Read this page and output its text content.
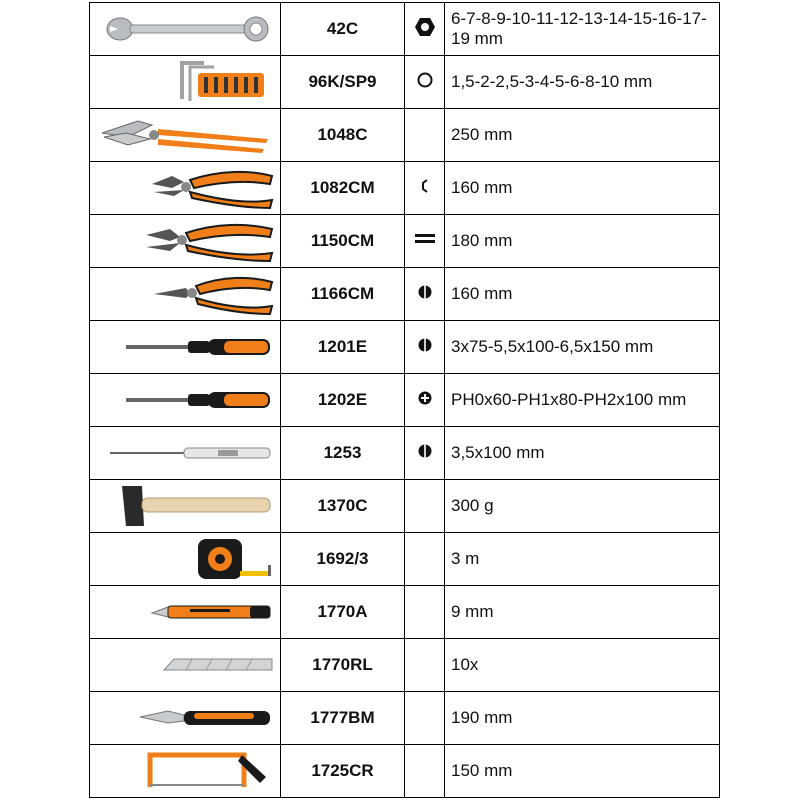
	42C		6-7-8-9-10-11-12-13-14-15-16-17-19 mm

	96K/SP9		1,5-2-2,5-3-4-5-6-8-10 mm

	1048C		250 mm

	1082CM		160 mm

	1150CM		180 mm

	1166CM		160 mm

	1201E		3x75-5,5x100-6,5x150 mm

	1202E		PH0x60-PH1x80-PH2x100 mm

	1253		3,5x100 mm

	1370C		300 g

	1692/3		3 m

	1770A		9 mm

	1770RL		10x

	1777BM		190 mm

	1725CR		150 mm
